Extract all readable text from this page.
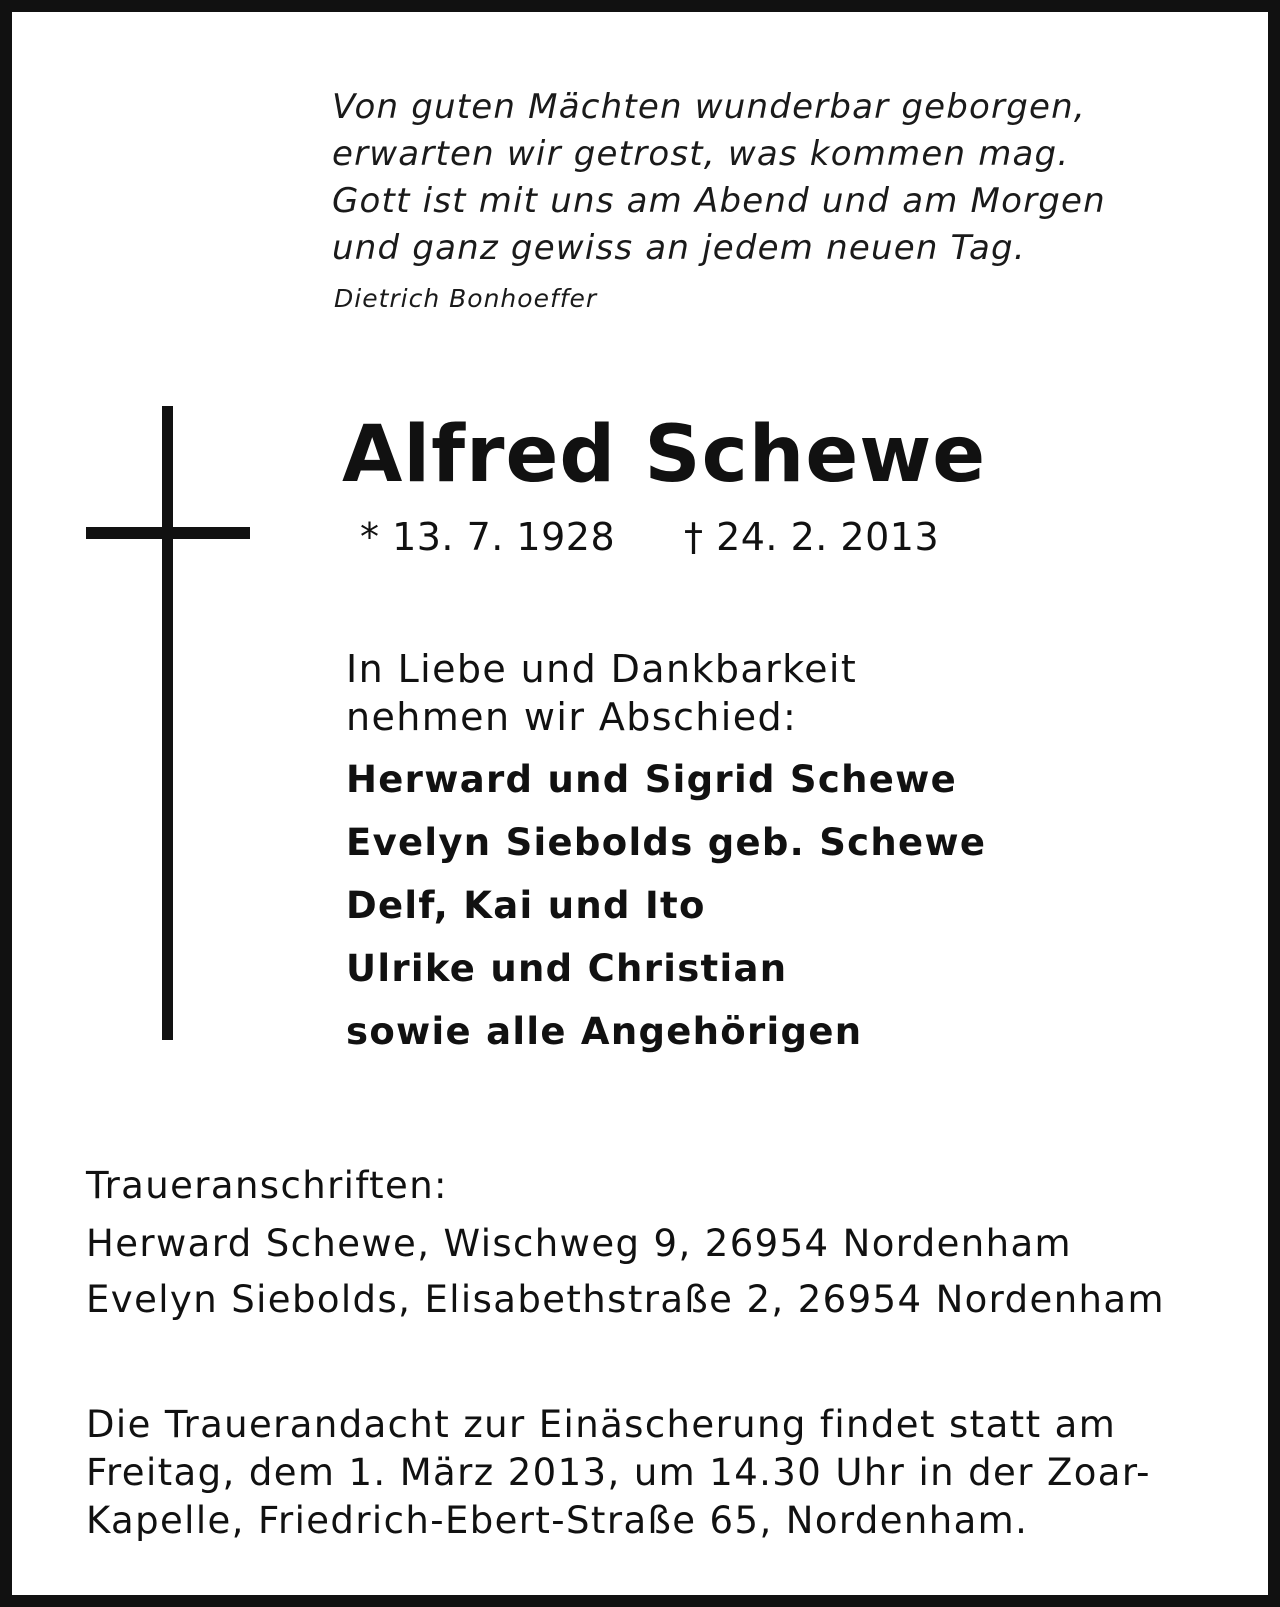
Von guten Mächten wunderbar geborgen,
erwarten wir getrost, was kommen mag.
Gott ist mit uns am Abend und am Morgen
und ganz gewiss an jedem neuen Tag.
Dietrich Bonhoeffer
Alfred Schewe
* 13. 7. 1928 † 24. 2. 2013
In Liebe und Dankbarkeit
nehmen wir Abschied:
Herward und Sigrid Schewe
Evelyn Siebolds geb. Schewe
Delf, Kai und Ito
Ulrike und Christian
sowie alle Angehörigen
Traueranschriften:
Herward Schewe, Wischweg 9, 26954 Nordenham
Evelyn Siebolds, Elisabethstraße 2, 26954 Nordenham
Die Trauerandacht zur Einäscherung findet statt am
Freitag, dem 1. März 2013, um 14.30 Uhr in der Zoar-
Kapelle, Friedrich-Ebert-Straße 65, Nordenham.
